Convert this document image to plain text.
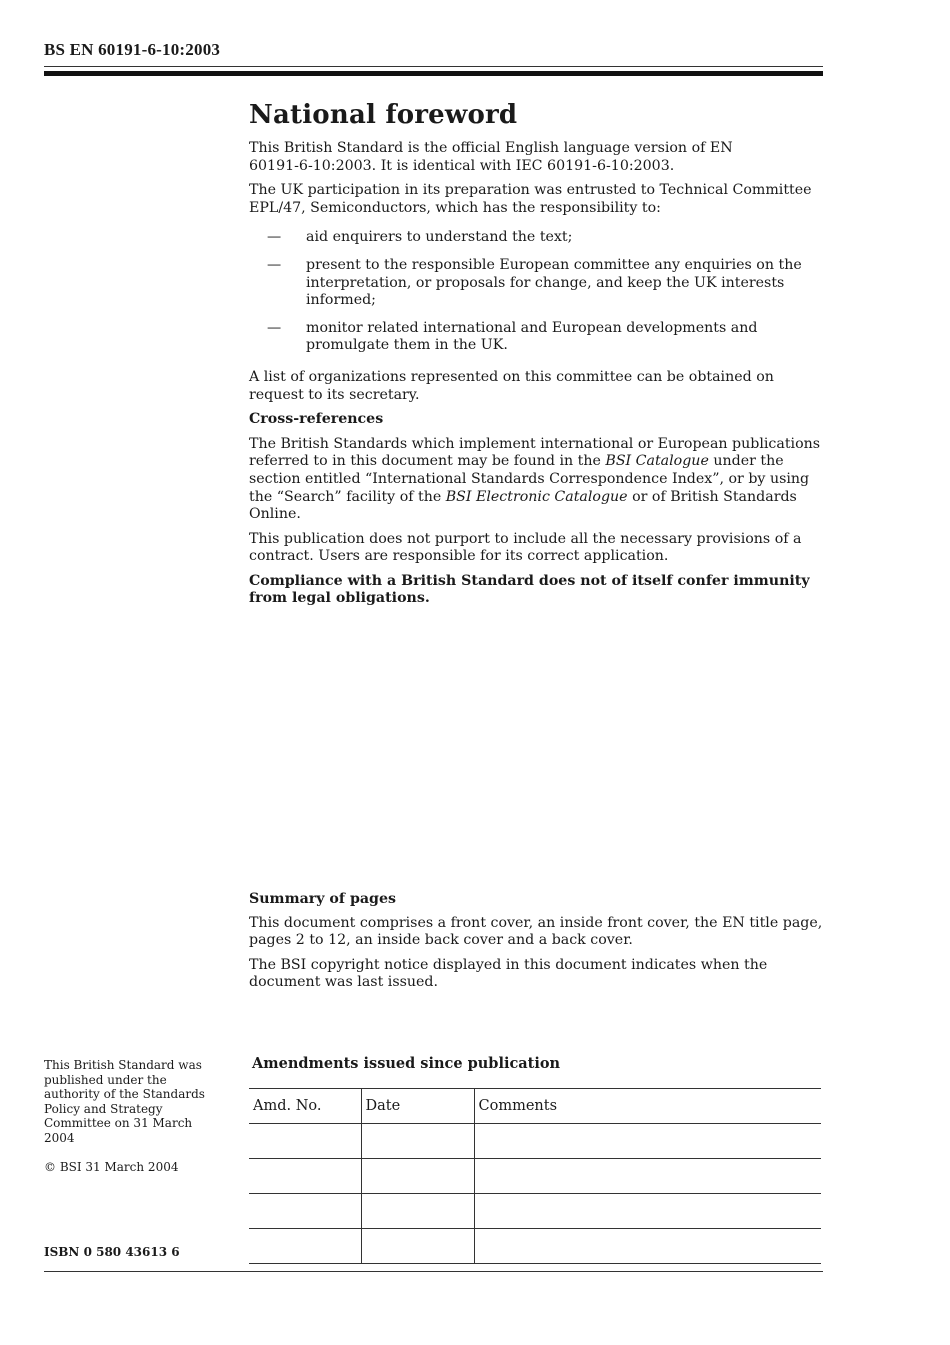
BS EN 60191-6-10:2003
National foreword

This British Standard is the official English language version of EN 60191-6-10:2003. It is identical with IEC 60191-6-10:2003.

The UK participation in its preparation was entrusted to Technical Committee EPL/47, Semiconductors, which has the responsibility to:

—	aid enquirers to understand the text;
—	present to the responsible European committee any enquiries on the interpretation, or proposals for change, and keep the UK interests informed;
—	monitor related international and European developments and promulgate them in the UK.

A list of organizations represented on this committee can be obtained on request to its secretary.

Cross-references

The British Standards which implement international or European publications referred to in this document may be found in the BSI Catalogue under the section entitled “International Standards Correspondence Index”, or by using the “Search” facility of the BSI Electronic Catalogue or of British Standards Online.

This publication does not purport to include all the necessary provisions of a contract. Users are responsible for its correct application.

Compliance with a British Standard does not of itself confer immunity from legal obligations.

Summary of pages

This document comprises a front cover, an inside front cover, the EN title page, pages 2 to 12, an inside back cover and a back cover.

The BSI copyright notice displayed in this document indicates when the document was last issued.

This British Standard was published under the authority of the Standards Policy and Strategy Committee on 31 March 2004

© BSI 31 March 2004

ISBN 0 580 43613 6
Amendments issued since publication
Amd. No.	Date	Comments
